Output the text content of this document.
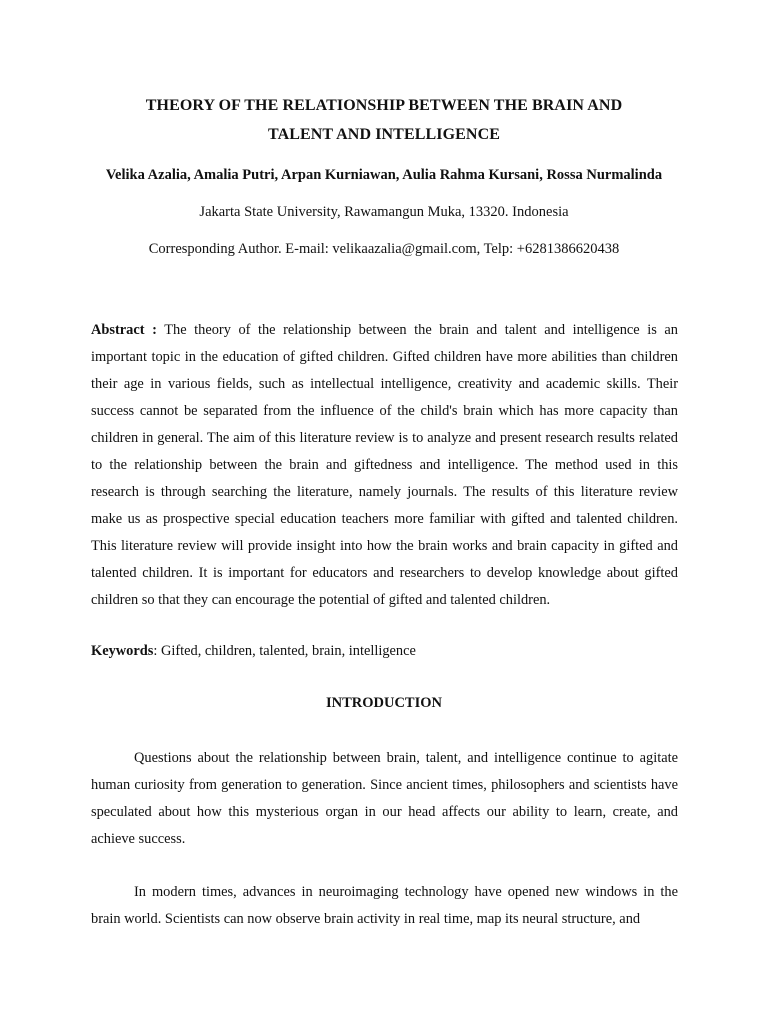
THEORY OF THE RELATIONSHIP BETWEEN THE BRAIN AND
TALENT AND INTELLIGENCE
Velika Azalia, Amalia Putri, Arpan Kurniawan, Aulia Rahma Kursani, Rossa Nurmalinda
Jakarta State University, Rawamangun Muka, 13320. Indonesia
Corresponding Author. E-mail: velikaazalia@gmail.com, Telp: +6281386620438
Abstract : The theory of the relationship between the brain and talent and intelligence is an important topic in the education of gifted children. Gifted children have more abilities than children their age in various fields, such as intellectual intelligence, creativity and academic skills. Their success cannot be separated from the influence of the child's brain which has more capacity than children in general. The aim of this literature review is to analyze and present research results related to the relationship between the brain and giftedness and intelligence. The method used in this research is through searching the literature, namely journals. The results of this literature review make us as prospective special education teachers more familiar with gifted and talented children. This literature review will provide insight into how the brain works and brain capacity in gifted and talented children. It is important for educators and researchers to develop knowledge about gifted children so that they can encourage the potential of gifted and talented children.
Keywords: Gifted, children, talented, brain, intelligence
INTRODUCTION
Questions about the relationship between brain, talent, and intelligence continue to agitate human curiosity from generation to generation. Since ancient times, philosophers and scientists have speculated about how this mysterious organ in our head affects our ability to learn, create, and achieve success.
In modern times, advances in neuroimaging technology have opened new windows in the brain world. Scientists can now observe brain activity in real time, map its neural structure, and
